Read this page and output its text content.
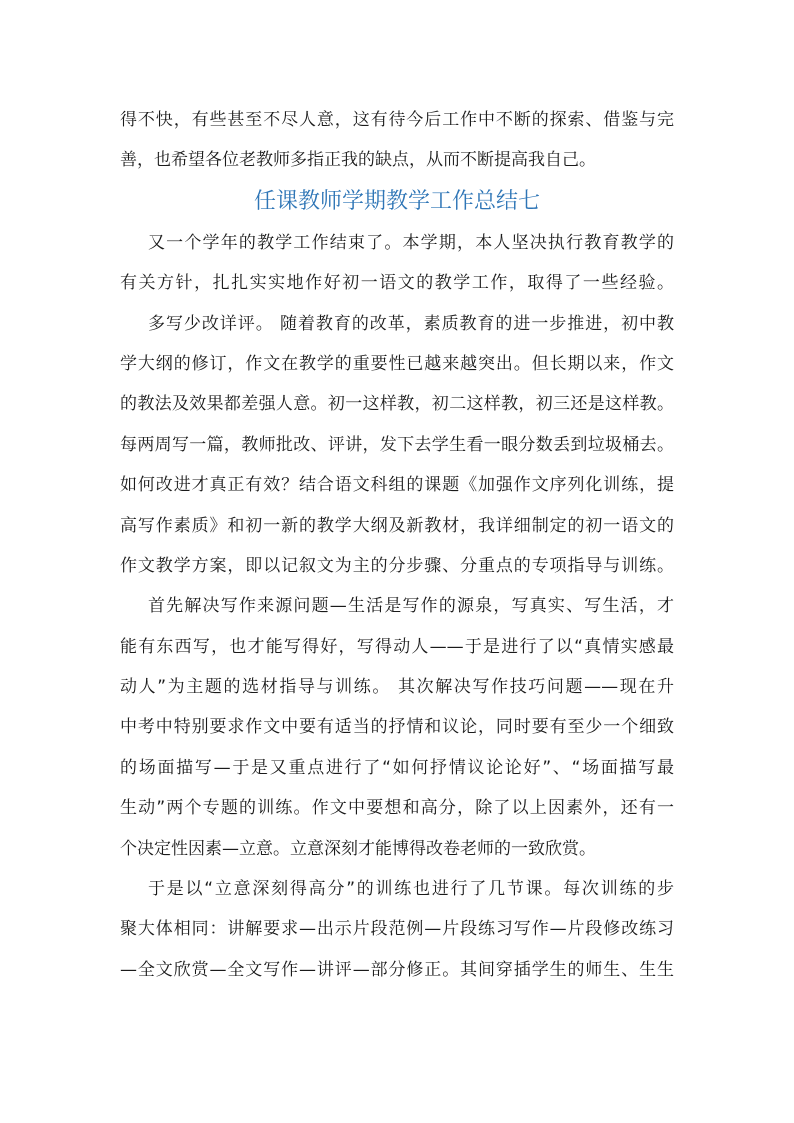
得不快，有些甚至不尽人意，这有待今后工作中不断的探索、借鉴与完
善，也希望各位老教师多指正我的缺点，从而不断提高我自己。
任课教师学期教学工作总结七
又一个学年的教学工作结束了。本学期，本人坚决执行教育教学的
有关方针，扎扎实实地作好初一语文的教学工作，取得了一些经验。
多写少改详评。 随着教育的改革，素质教育的进一步推进，初中教
学大纲的修订，作文在教学的重要性已越来越突出。但长期以来，作文
的教法及效果都差强人意。初一这样教，初二这样教，初三还是这样教。
每两周写一篇，教师批改、评讲，发下去学生看一眼分数丢到垃圾桶去。
如何改进才真正有效？结合语文科组的课题《加强作文序列化训练，提
高写作素质》和初一新的教学大纲及新教材，我详细制定的初一语文的
作文教学方案，即以记叙文为主的分步骤、分重点的专项指导与训练。
首先解决写作来源问题—生活是写作的源泉，写真实、写生活，才
能有东西写，也才能写得好，写得动人——于是进行了以“真情实感最
动人”为主题的选材指导与训练。 其次解决写作技巧问题——现在升
中考中特别要求作文中要有适当的抒情和议论，同时要有至少一个细致
的场面描写—于是又重点进行了“如何抒情议论论好”、“场面描写最
生动”两个专题的训练。作文中要想和高分，除了以上因素外，还有一
个决定性因素—立意。立意深刻才能博得改卷老师的一致欣赏。
于是以“立意深刻得高分”的训练也进行了几节课。每次训练的步
聚大体相同：讲解要求—出示片段范例—片段练习写作—片段修改练习
—全文欣赏—全文写作—讲评—部分修正。其间穿插学生的师生、生生
